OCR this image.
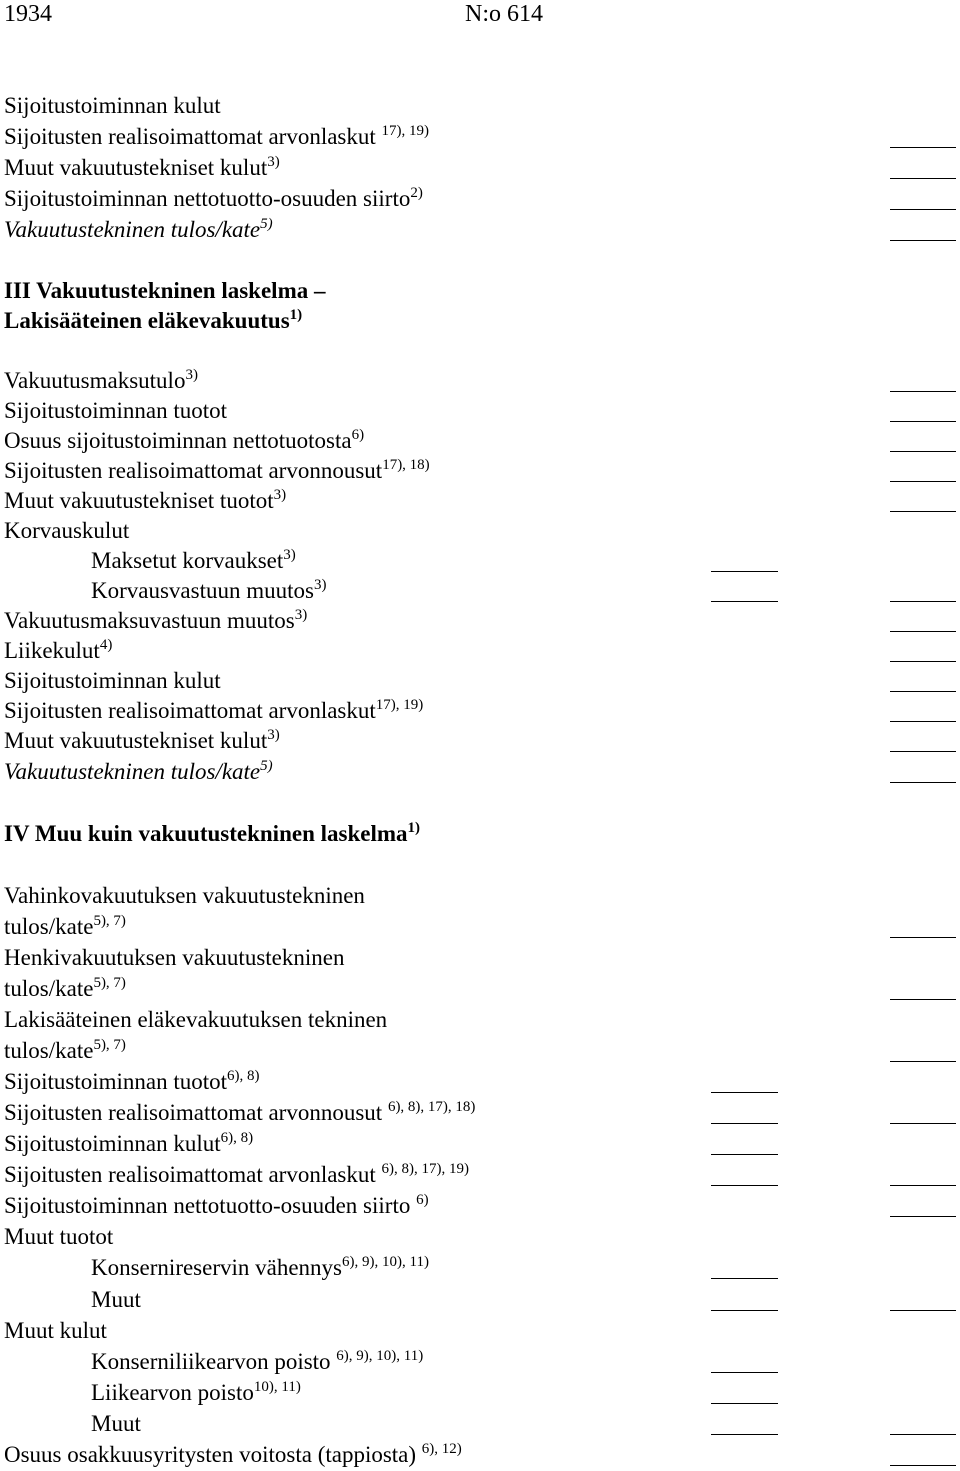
1934	N:o 614
Sijoitustoiminnan kulut
Sijoitusten realisoimattomat arvonlaskut $^{17), 19)}$
Muut vakuutustekniset kulut$^{3)}$
Sijoitustoiminnan nettotuotto-osuuden siirto$^{2)}$
Vakuutustekninen tulos/kate$^{5)}$
III Vakuutustekninen laskelma –
Lakisääteinen eläkevakuutus$^{1)}$
Vakuutusmaksutulo$^{3)}$
Sijoitustoiminnan tuotot
Osuus sijoitustoiminnan nettotuotosta$^{6)}$
Sijoitusten realisoimattomat arvonnousut$^{17), 18)}$
Muut vakuutustekniset tuotot$^{3)}$
Korvauskulut
Maksetut korvaukset$^{3)}$
Korvausvastuun muutos$^{3)}$
Vakuutusmaksuvastuun muutos$^{3)}$
Liikekulut$^{4)}$
Sijoitustoiminnan kulut
Sijoitusten realisoimattomat arvonlaskut$^{17), 19)}$
Muut vakuutustekniset kulut$^{3)}$
Vakuutustekninen tulos/kate$^{5)}$
IV Muu kuin vakuutustekninen laskelma$^{1)}$
Vahinkovakuutuksen vakuutustekninen
tulos/kate$^{5), 7)}$
Henkivakuutuksen vakuutustekninen
tulos/kate$^{5), 7)}$
Lakisääteinen eläkevakuutuksen tekninen
tulos/kate$^{5), 7)}$
Sijoitustoiminnan tuotot$^{6), 8)}$
Sijoitusten realisoimattomat arvonnousut $^{6), 8), 17), 18)}$
Sijoitustoiminnan kulut$^{6), 8)}$
Sijoitusten realisoimattomat arvonlaskut $^{6), 8), 17), 19)}$
Sijoitustoiminnan nettotuotto-osuuden siirto $^{6)}$
Muut tuotot
Konsernireservin vähennys$^{6), 9), 10), 11)}$
Muut
Muut kulut
Konserniliikearvon poisto $^{6), 9), 10), 11)}$
Liikearvon poisto$^{10), 11)}$
Muut
Osuus osakkuusyritysten voitosta (tappiosta) $^{6), 12)}$
